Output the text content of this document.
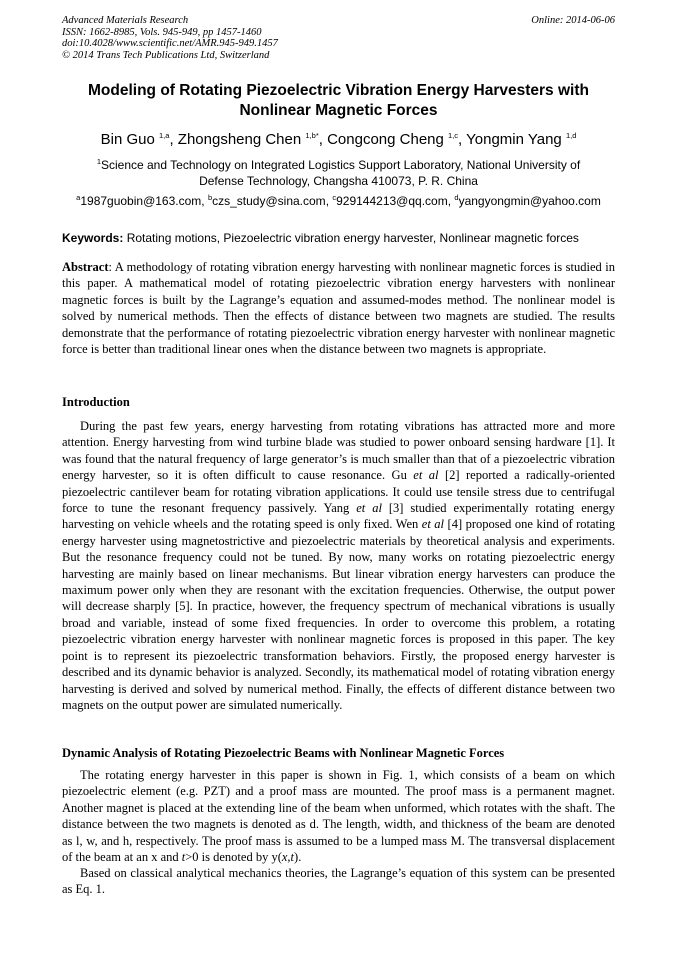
Advanced Materials Research
ISSN: 1662-8985, Vols. 945-949, pp 1457-1460
doi:10.4028/www.scientific.net/AMR.945-949.1457
© 2014 Trans Tech Publications Ltd, Switzerland
Online: 2014-06-06
Modeling of Rotating Piezoelectric Vibration Energy Harvesters with
Nonlinear Magnetic Forces
Bin Guo $^{1,a}$, Zhongsheng Chen $^{1,b*}$, Congcong Cheng $^{1,c}$, Yongmin Yang $^{1,d}$
$^1$Science and Technology on Integrated Logistics Support Laboratory, National University of
Defense Technology, Changsha 410073, P. R. China
$^a$1987guobin@163.com, $^b$czs_study@sina.com, $^c$929144213@qq.com, $^d$yangyongmin@yahoo.com
Keywords: Rotating motions, Piezoelectric vibration energy harvester, Nonlinear magnetic forces
Abstract: A methodology of rotating vibration energy harvesting with nonlinear magnetic forces is studied in this paper. A mathematical model of rotating piezoelectric vibration energy harvesters with nonlinear magnetic forces is built by the Lagrange’s equation and assumed-modes method. The nonlinear model is solved by numerical methods. Then the effects of distance between two magnets are studied. The results demonstrate that the performance of rotating piezoelectric vibration energy harvester with nonlinear magnetic force is better than traditional linear ones when the distance between two magnets is appropriate.
Introduction
During the past few years, energy harvesting from rotating vibrations has attracted more and more attention. Energy harvesting from wind turbine blade was studied to power onboard sensing hardware [1]. It was found that the natural frequency of large generator’s is much smaller than that of a piezoelectric vibration energy harvester, so it is often difficult to cause resonance. Gu et al [2] reported a radically-oriented piezoelectric cantilever beam for rotating vibration applications. It could use tensile stress due to centrifugal force to tune the resonant frequency passively. Yang et al [3] studied experimentally rotating energy harvesting on vehicle wheels and the rotating speed is only fixed. Wen et al [4] proposed one kind of rotating energy harvester using magnetostrictive and piezoelectric materials by theoretical analysis and experiments. But the resonance frequency could not be tuned. By now, many works on rotating piezoelectric energy harvesting are mainly based on linear mechanisms. But linear vibration energy harvesters can produce the maximum power only when they are resonant with the excitation frequencies. Otherwise, the output power will decrease sharply [5]. In practice, however, the frequency spectrum of mechanical vibrations is usually broad and variable, instead of some fixed frequencies. In order to overcome this problem, a rotating piezoelectric vibration energy harvester with nonlinear magnetic forces is proposed in this paper. The key point is to represent its piezoelectric transformation behaviors. Firstly, the proposed energy harvester is described and its dynamic behavior is analyzed. Secondly, its mathematical model of rotating vibration energy harvesting is derived and solved by numerical method. Finally, the effects of different distance between two magnets on the output power are simulated numerically.
Dynamic Analysis of Rotating Piezoelectric Beams with Nonlinear Magnetic Forces
The rotating energy harvester in this paper is shown in Fig. 1, which consists of a beam on which piezoelectric element (e.g. PZT) and a proof mass are mounted. The proof mass is a permanent magnet. Another magnet is placed at the extending line of the beam when unformed, which rotates with the shaft. The distance between the two magnets is denoted as d. The length, width, and thickness of the beam are denoted as l, w, and h, respectively. The proof mass is assumed to be a lumped mass M. The transversal displacement of the beam at an x and t>0 is denoted by y(x,t).
Based on classical analytical mechanics theories, the Lagrange’s equation of this system can be presented as Eq. 1.
